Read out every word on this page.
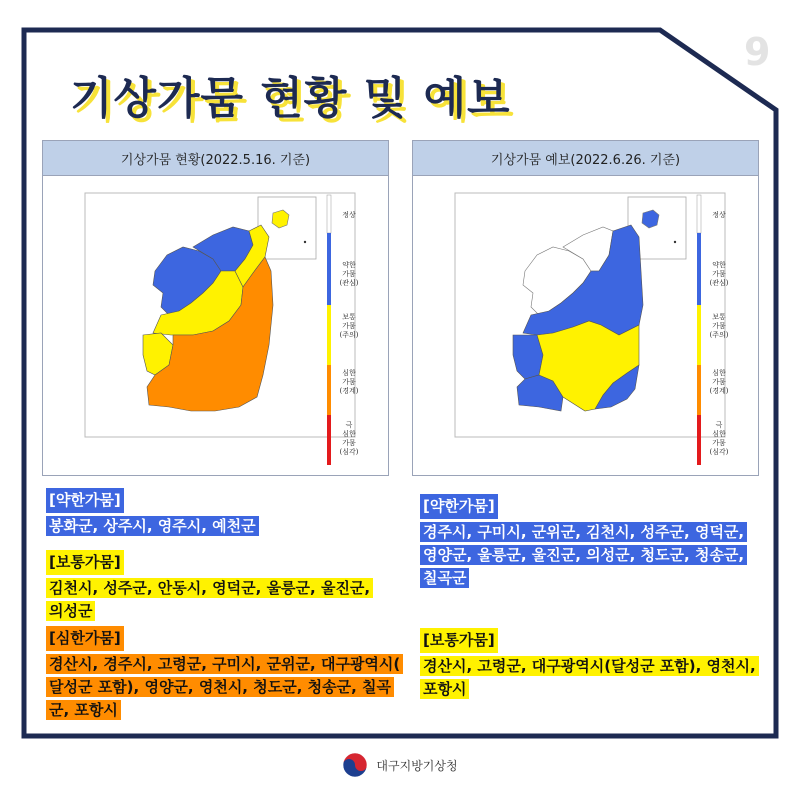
9
기상가뭄 현황 및 예보
기상가뭄 현황(2022.5.16. 기준)
정상
약한
가뭄
(관심)
보통
가뭄
(주의)
심한
가뭄
(경계)
극
심한
가뭄
(심각)
기상가뭄 예보(2022.6.26. 기준)
정상
약한
가뭄
(관심)
보통
가뭄
(주의)
심한
가뭄
(경계)
극
심한
가뭄
(심각)
[약한가뭄]
봉화군, 상주시, 영주시, 예천군
[보통가뭄]
김천시, 성주군, 안동시, 영덕군, 울릉군, 울진군, 의성군
[심한가뭄]
경산시, 경주시, 고령군, 구미시, 군위군, 대구광역시( 달성군 포함), 영양군, 영천시, 청도군, 청송군, 칠곡군, 포항시
[약한가뭄]
경주시, 구미시, 군위군, 김천시, 성주군, 영덕군, 영양군, 울릉군, 울진군, 의성군, 청도군, 청송군, 칠곡군
[보통가뭄]
경산시, 고령군, 대구광역시(달성군 포함), 영천시, 포항시
대구지방기상청
